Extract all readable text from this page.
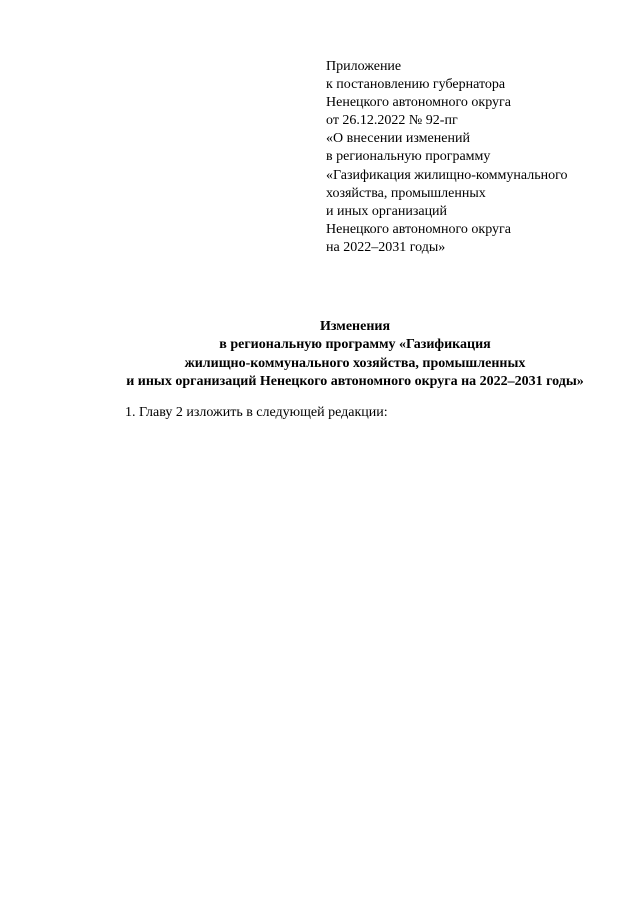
Приложение
к постановлению губернатора
Ненецкого автономного округа
от 26.12.2022 № 92-пг
«О внесении изменений
в региональную программу
«Газификация жилищно-коммунального
хозяйства, промышленных
и иных организаций
Ненецкого автономного округа
на 2022–2031 годы»
Изменения
в региональную программу «Газификация
жилищно-коммунального хозяйства, промышленных
и иных организаций Ненецкого автономного округа на 2022–2031 годы»
1. Главу 2 изложить в следующей редакции:
